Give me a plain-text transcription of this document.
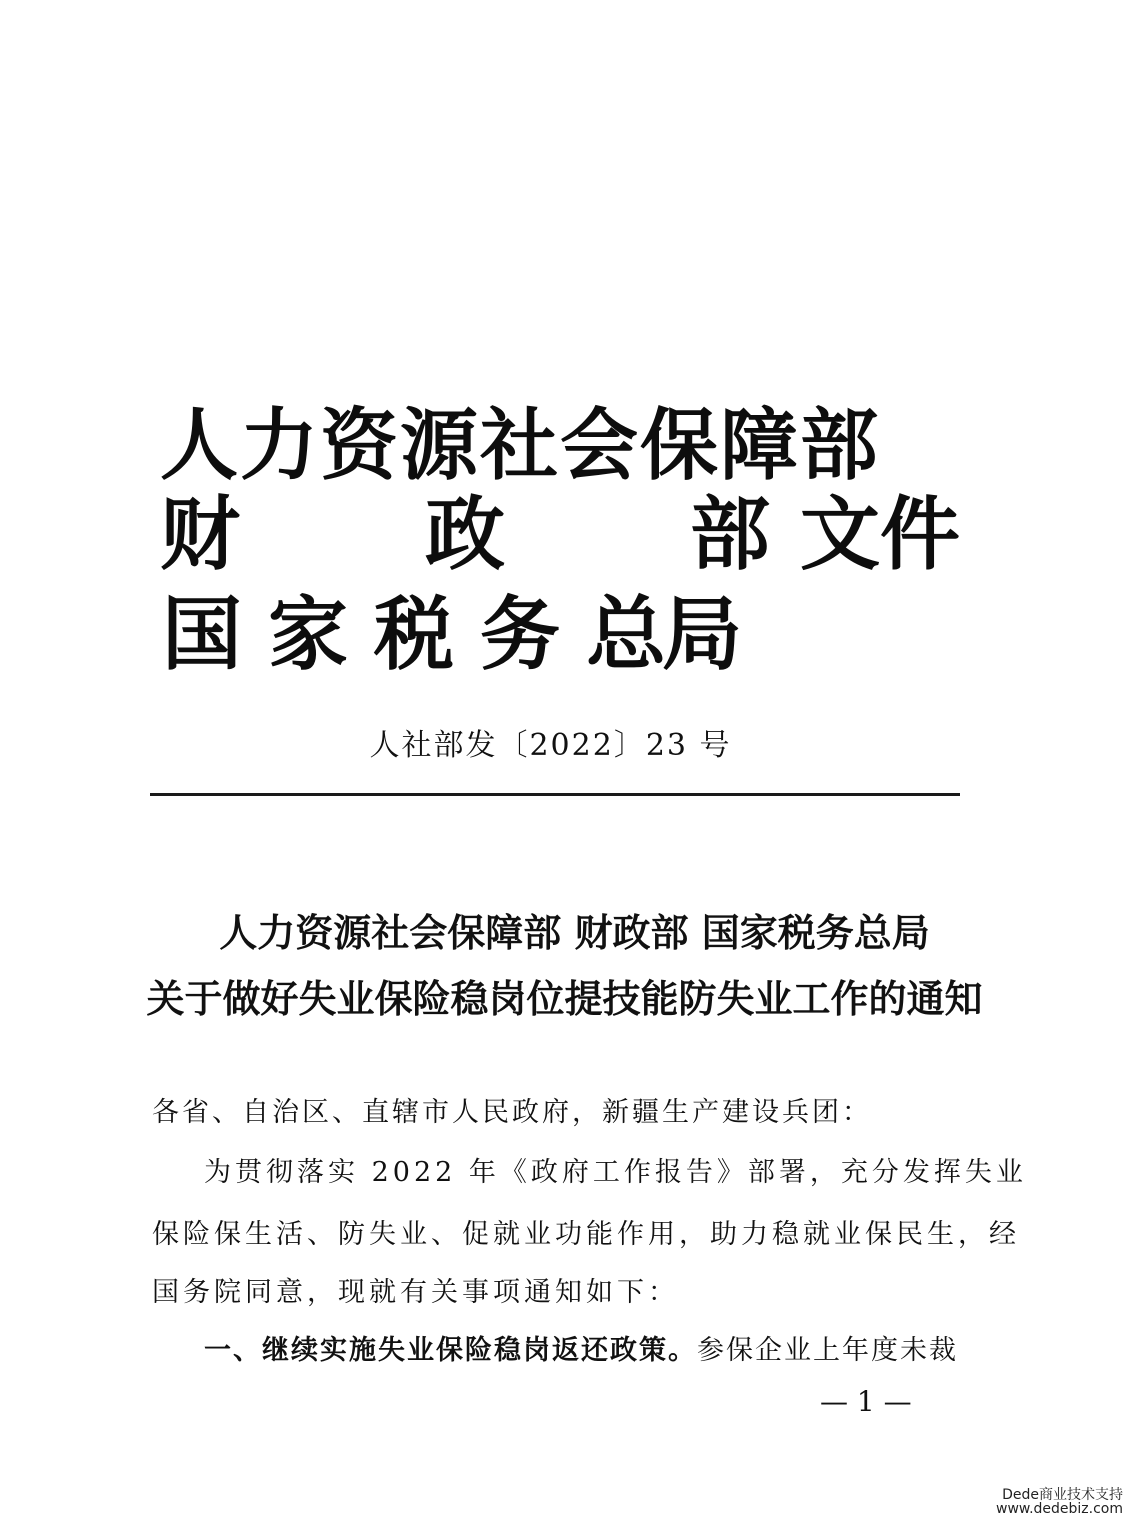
人力资源社会保障部
财 政 部 文件
国 家 税 务 总
局
人社部发〔2022〕23 号
人力资源社会保障部 财政部 国家税务总局
关于做好失业保险稳岗位提技能防失业工作的通知
各省、自治区、直辖市人民政府，新疆生产建设兵团：
为贯彻落实 2022 年《政府工作报告》部署，充分发挥失业
保险保生活、防失业、促就业功能作用，助力稳就业保民生，经
国务院同意，现就有关事项通知如下：
一、继续实施失业保险稳岗返还政策。参保企业上年度未裁
— 1 —
Dede商业技术支持
www.dedebiz.com
